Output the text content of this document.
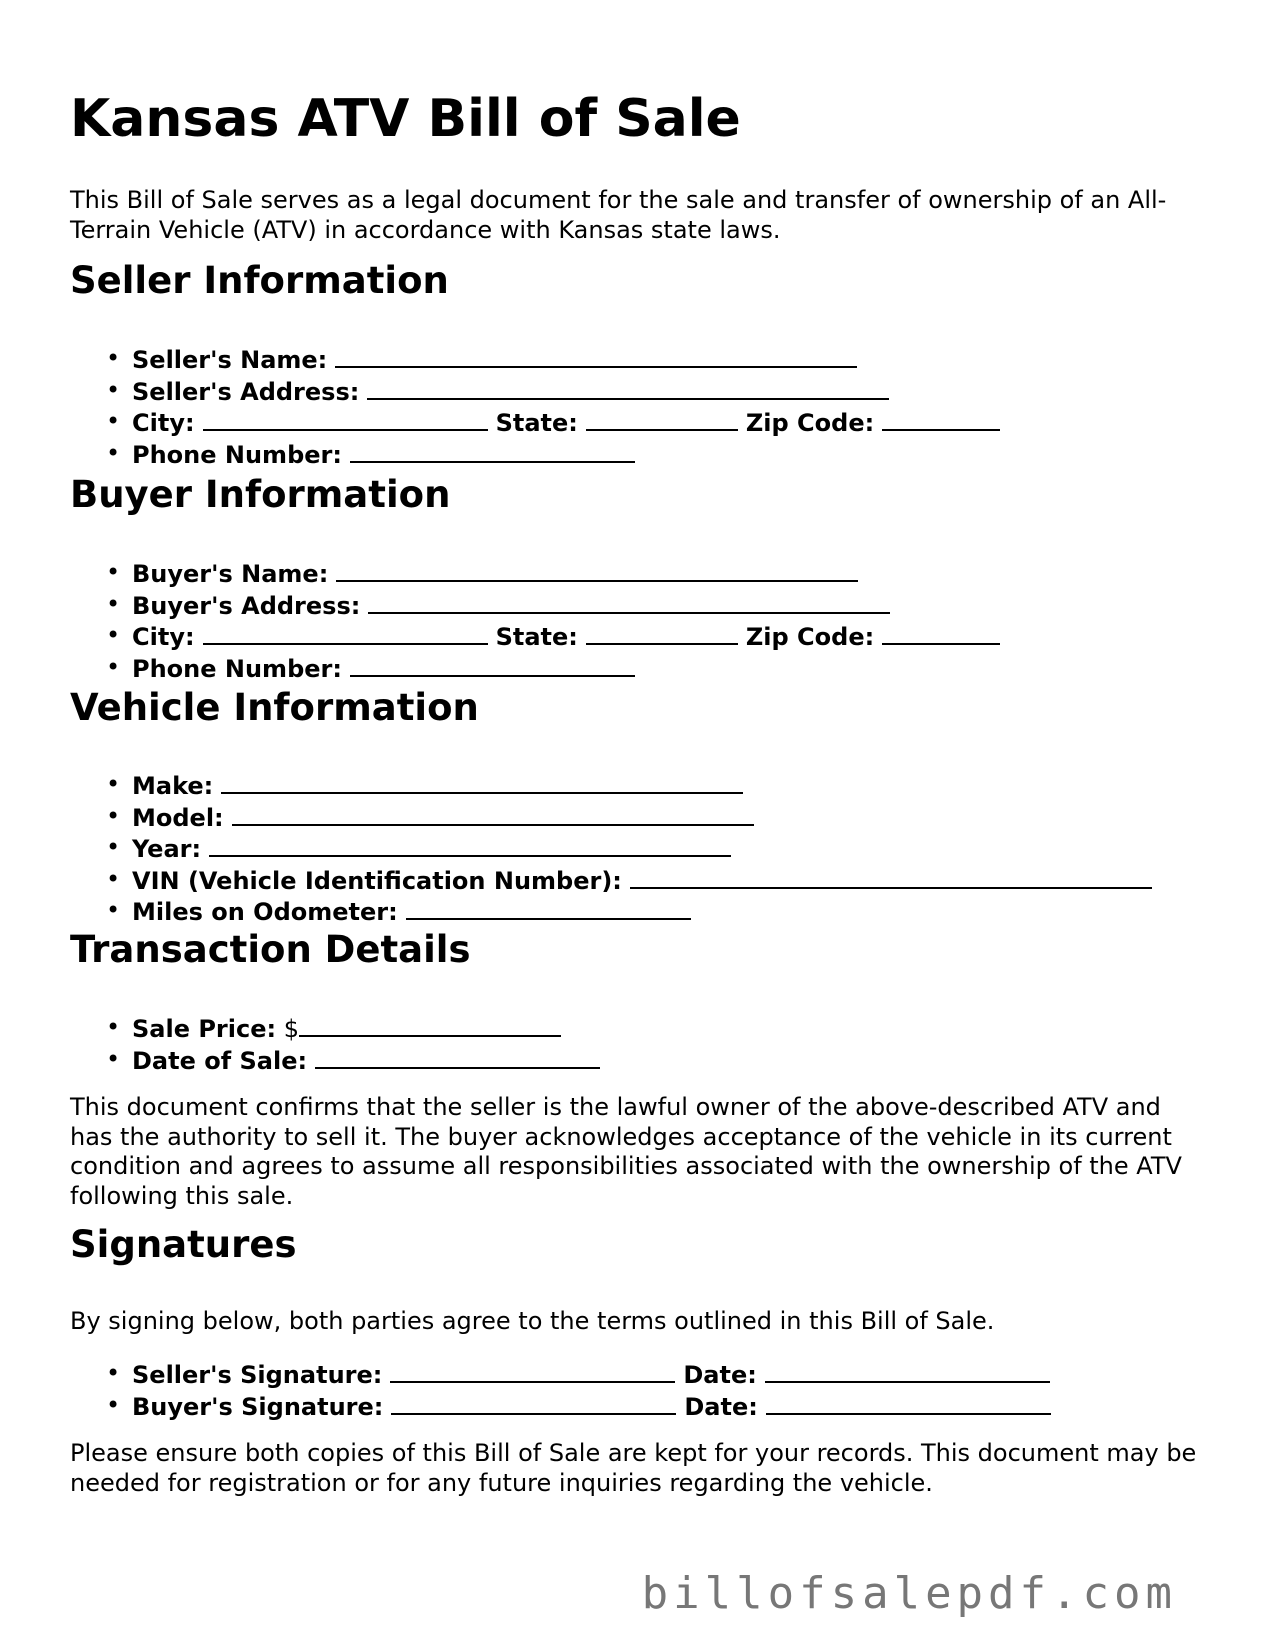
Kansas ATV Bill of Sale

This Bill of Sale serves as a legal document for the sale and transfer of ownership of an All-Terrain Vehicle (ATV) in accordance with Kansas state laws.

Seller Information
• Seller's Name:
• Seller's Address:
• City:	State:	Zip Code:
• Phone Number:
Buyer Information
• Buyer's Name:
• Buyer's Address:
• City:	State:	Zip Code:
• Phone Number:
Vehicle Information
• Make:
• Model:
• Year:
• VIN (Vehicle Identification Number):
• Miles on Odometer:
Transaction Details
• Sale Price: $
• Date of Sale:

This document confirms that the seller is the lawful owner of the above-described ATV and has the authority to sell it. The buyer acknowledges acceptance of the vehicle in its current condition and agrees to assume all responsibilities associated with the ownership of the ATV following this sale.

Signatures

By signing below, both parties agree to the terms outlined in this Bill of Sale.

• Seller's Signature:	Date:
• Buyer's Signature:	Date:

Please ensure both copies of this Bill of Sale are kept for your records. This document may be needed for registration or for any future inquiries regarding the vehicle.

billofsalepdf.com
